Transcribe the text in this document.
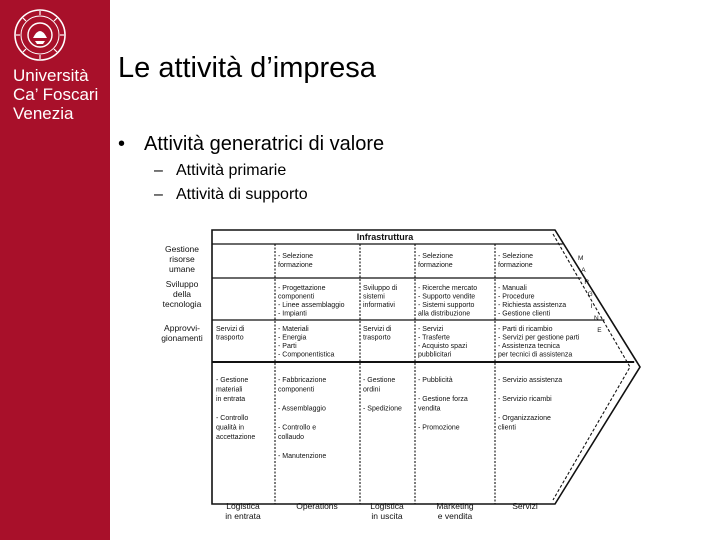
Università
Ca’ Foscari
Venezia
Le attività d’impresa
• Attività generatrici di valore
– Attività primarie
– Attività di supporto
Infrastruttura
Gestione
risorse
umane
Sviluppo
della
tecnologia
Approvvi-
gionamenti
- Selezione
formazione
- Selezione
formazione
- Selezione
formazione
- Progettazione
componenti
- Linee assemblaggio
- Impianti
Sviluppo di
sistemi
informativi
- Ricerche mercato
- Supporto vendite
- Sistemi supporto
alla distribuzione
- Manuali
- Procedure
- Richiesta assistenza
- Gestione clienti
Servizi di
trasporto
- Materiali
- Energia
- Parti
- Componentistica
Servizi di
trasporto
- Servizi
- Trasferte
- Acquisto spazi
pubblicitari
- Parti di ricambio
- Servizi per gestione parti
- Assistenza tecnica
per tecnici di assistenza
- Gestione
materiali
in entrata
- Controllo
qualità in
accettazione
- Fabbricazione
componenti
- Assemblaggio
- Controllo e
collaudo
- Manutenzione
- Gestione
ordini
- Spedizione
- Pubblicità
- Gestione forza
vendita
- Promozione
- Servizio assistenza
- Servizio ricambi
- Organizzazione
clienti
Logistica
in entrata
Operations	Logistica
in uscita
Marketing
e vendita
Servizi
M
A
R
G
I
N
E
